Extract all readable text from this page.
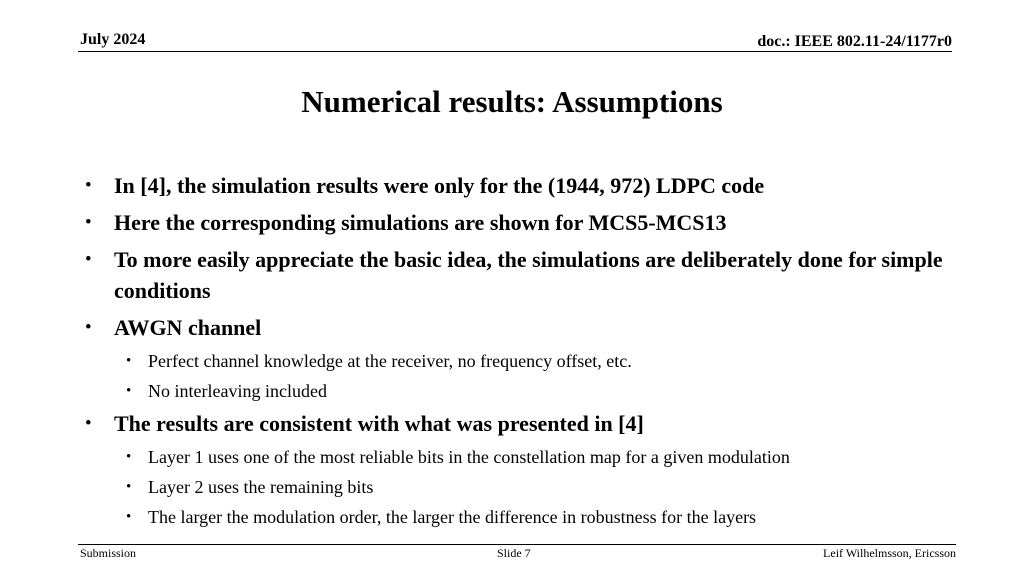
July 2024	doc.: IEEE 802.11-24/1177r0
Numerical results: Assumptions
• In [4], the simulation results were only for the (1944, 972) LDPC code
• Here the corresponding simulations are shown for MCS5-MCS13
• To more easily appreciate the basic idea, the simulations are deliberately done for simple conditions
• AWGN channel
• Perfect channel knowledge at the receiver, no frequency offset, etc.
• No interleaving included
• The results are consistent with what was presented in [4]
• Layer 1 uses one of the most reliable bits in the constellation map for a given modulation
• Layer 2 uses the remaining bits
• The larger the modulation order, the larger the difference in robustness for the layers
Submission	Slide 7	Leif Wilhelmsson, Ericsson
